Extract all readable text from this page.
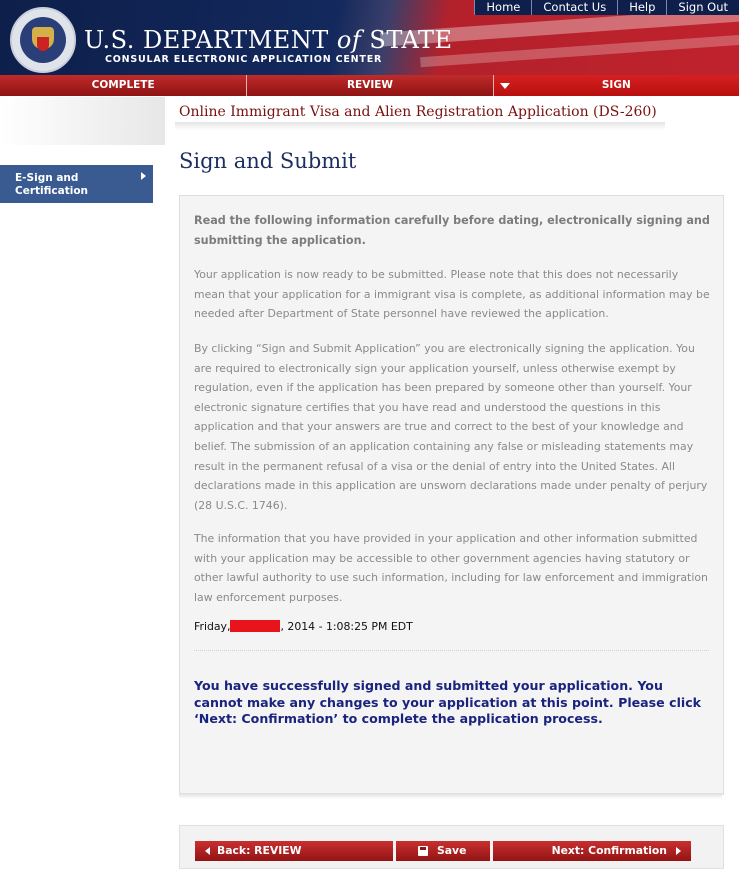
U.S. DEPARTMENT of STATE
CONSULAR ELECTRONIC APPLICATION CENTER
Home	Contact Us	Help	Sign Out
COMPLETE	REVIEW	SIGN
E-Sign and
Certification
Online Immigrant Visa and Alien Registration Application (DS-260)
Sign and Submit
Read the following information carefully before dating, electronically signing and submitting the application.
Your application is now ready to be submitted. Please note that this does not necessarily mean that your application for a immigrant visa is complete, as additional information may be needed after Department of State personnel have reviewed the application.
By clicking “Sign and Submit Application” you are electronically signing the application. You are required to electronically sign your application yourself, unless otherwise exempt by regulation, even if the application has been prepared by someone other than yourself. Your electronic signature certifies that you have read and understood the questions in this application and that your answers are true and correct to the best of your knowledge and belief. The submission of an application containing any false or misleading statements may result in the permanent refusal of a visa or the denial of entry into the United States. All declarations made in this application are unsworn declarations made under penalty of perjury (28 U.S.C. 1746).
The information that you have provided in your application and other information submitted with your application may be accessible to other government agencies having statutory or other lawful authority to use such information, including for law enforcement and immigration law enforcement purposes.
Friday,	, 2014 - 1:08:25 PM EDT
You have successfully signed and submitted your application. You cannot make any changes to your application at this point. Please click ‘Next: Confirmation’ to complete the application process.
Back: REVIEW	Save	Next: Confirmation
